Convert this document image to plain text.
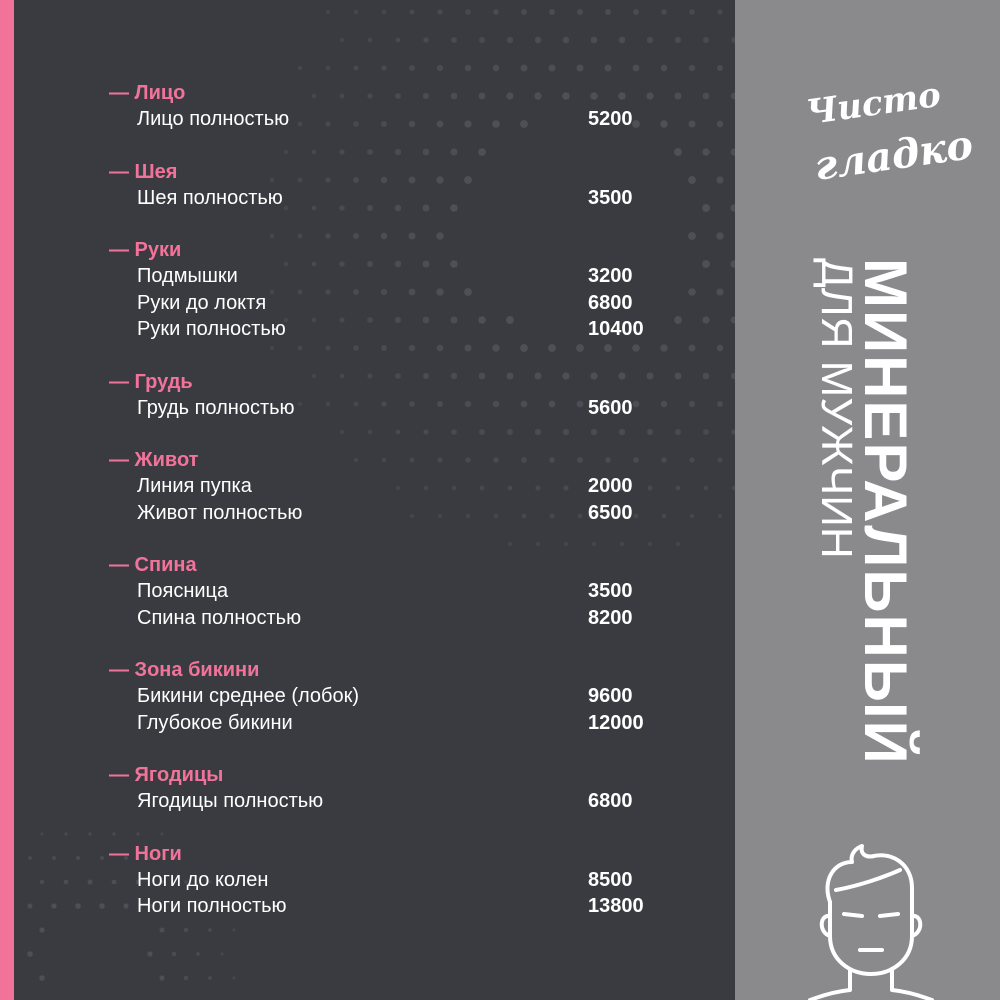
— Лицо
Лицо полностью	5200
— Шея
Шея полностью	3500
— Руки
Подмышки	3200
Руки до локтя	6800
Руки полностью	10400
— Грудь
Грудь полностью	5600
— Живот
Линия пупка	2000
Живот полностью	6500
— Спина
Поясница	3500
Спина полностью	8200
— Зона бикини
Бикини среднее (лобок)	9600
Глубокое бикини	12000
— Ягодицы
Ягодицы полностью	6800
— Ноги
Ноги до колен	8500
Ноги полностью	13800
Чисто
гладко
МИНЕРАЛЬНЫЙ
ДЛЯ МУЖЧИН
